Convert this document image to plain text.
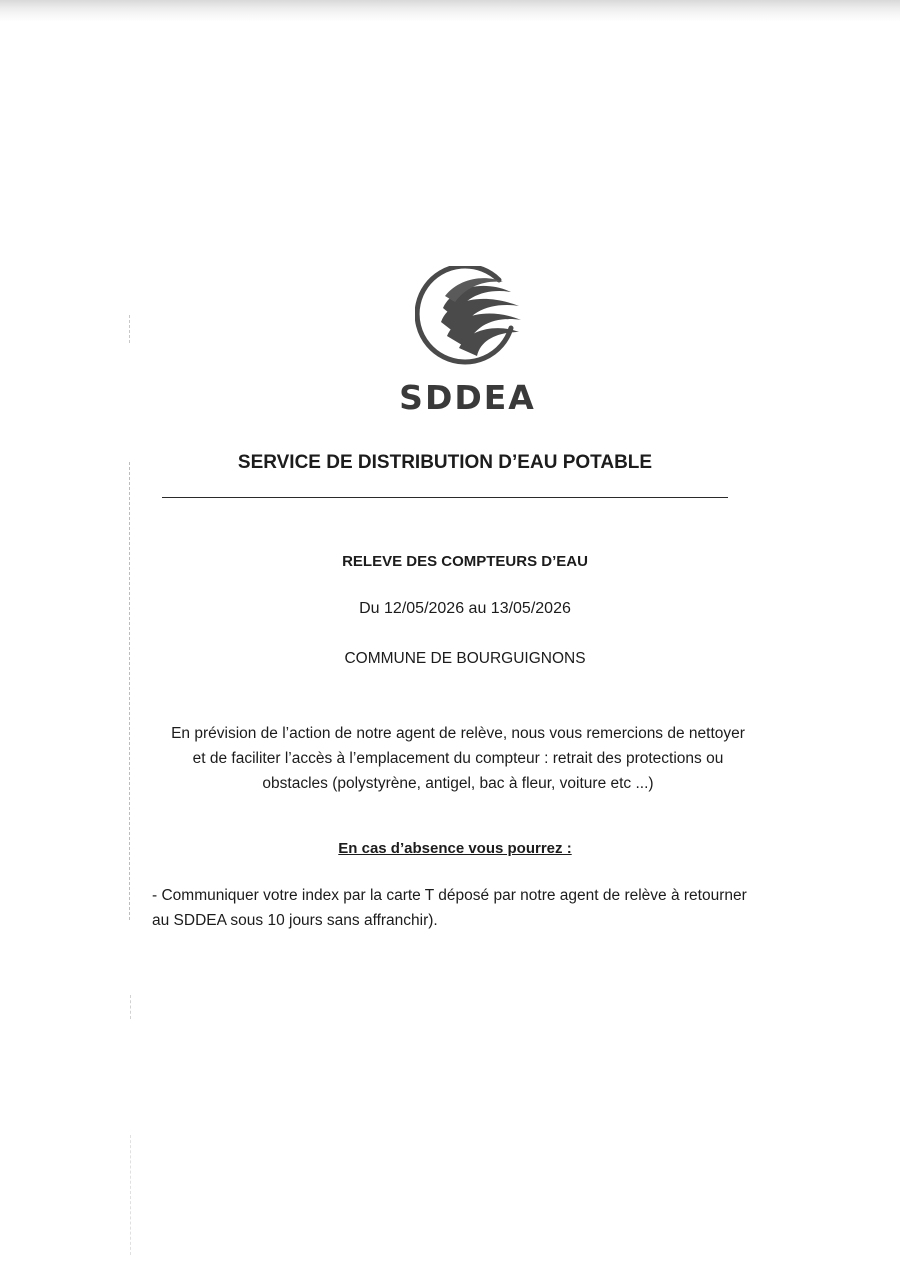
SDDEA
SERVICE DE DISTRIBUTION D’EAU POTABLE
RELEVE DES COMPTEURS D’EAU
Du 12/05/2026 au 13/05/2026
COMMUNE DE BOURGUIGNONS
En prévision de l’action de notre agent de relève, nous vous remercions de nettoyer et de faciliter l’accès à l’emplacement du compteur : retrait des protections ou obstacles (polystyrène, antigel, bac à fleur, voiture etc ...)
En cas d’absence vous pourrez :
- Communiquer votre index par la carte T déposé par notre agent de relève à retourner au SDDEA sous 10 jours sans affranchir).
